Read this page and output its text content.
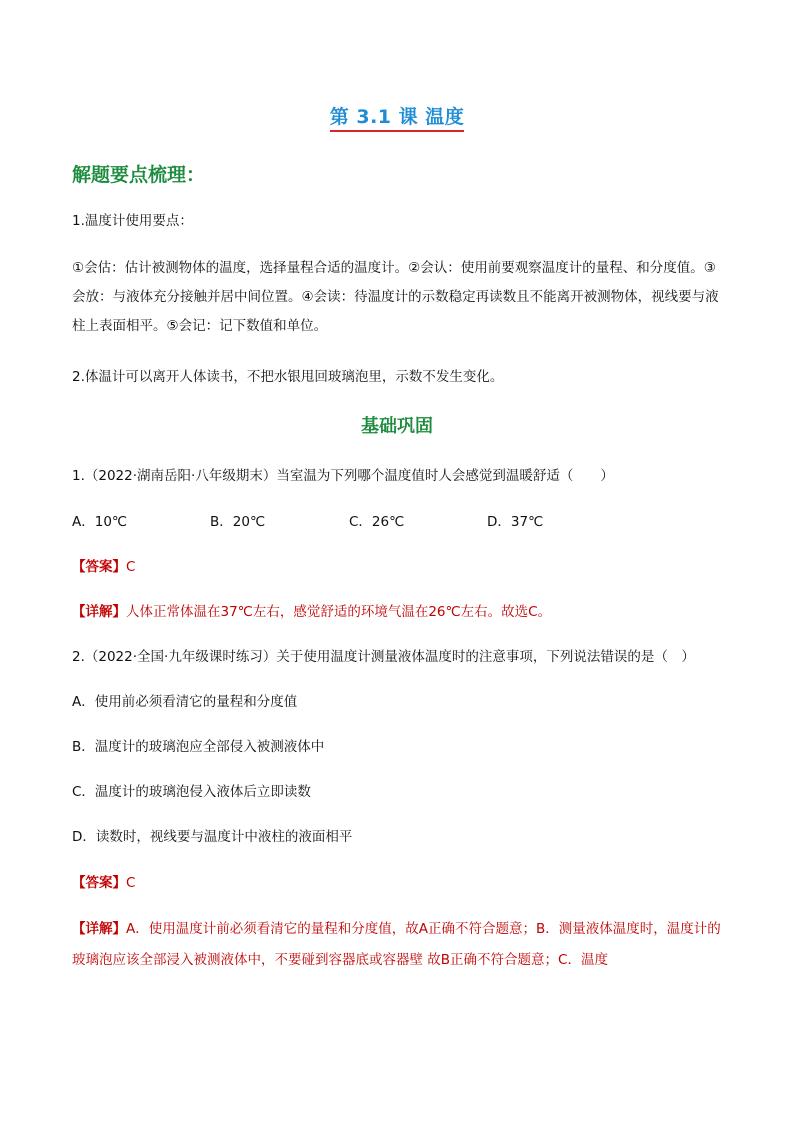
第 3.1 课 温度
解题要点梳理：
1.温度计使用要点：
①会估：估计被测物体的温度，选择量程合适的温度计。②会认：使用前要观察温度计的量程、和分度值。③会放：与液体充分接触并居中间位置。④会读：待温度计的示数稳定再读数且不能离开被测物体，视线要与液柱上表面相平。⑤会记：记下数值和单位。
2.体温计可以离开人体读书，不把水银甩回玻璃泡里，示数不发生变化。
基础巩固
1.（2022·湖南岳阳·八年级期末）当室温为下列哪个温度值时人会感觉到温暖舒适（　　）
A．10℃	B．20℃	C．26℃	D．37℃
【答案】C
【详解】人体正常体温在37℃左右，感觉舒适的环境气温在26℃左右。故选C。
2.（2022·全国·九年级课时练习）关于使用温度计测量液体温度时的注意事项，下列说法错误的是（　）
A．使用前必须看清它的量程和分度值
B．温度计的玻璃泡应全部侵入被测液体中
C．温度计的玻璃泡侵入液体后立即读数
D．读数时，视线要与温度计中液柱的液面相平
【答案】C
【详解】A．使用温度计前必须看清它的量程和分度值，故A正确不符合题意；B．测量液体温度时，温度计的玻璃泡应该全部浸入被测液体中，不要碰到容器底或容器壁 故B正确不符合题意；C．温度
